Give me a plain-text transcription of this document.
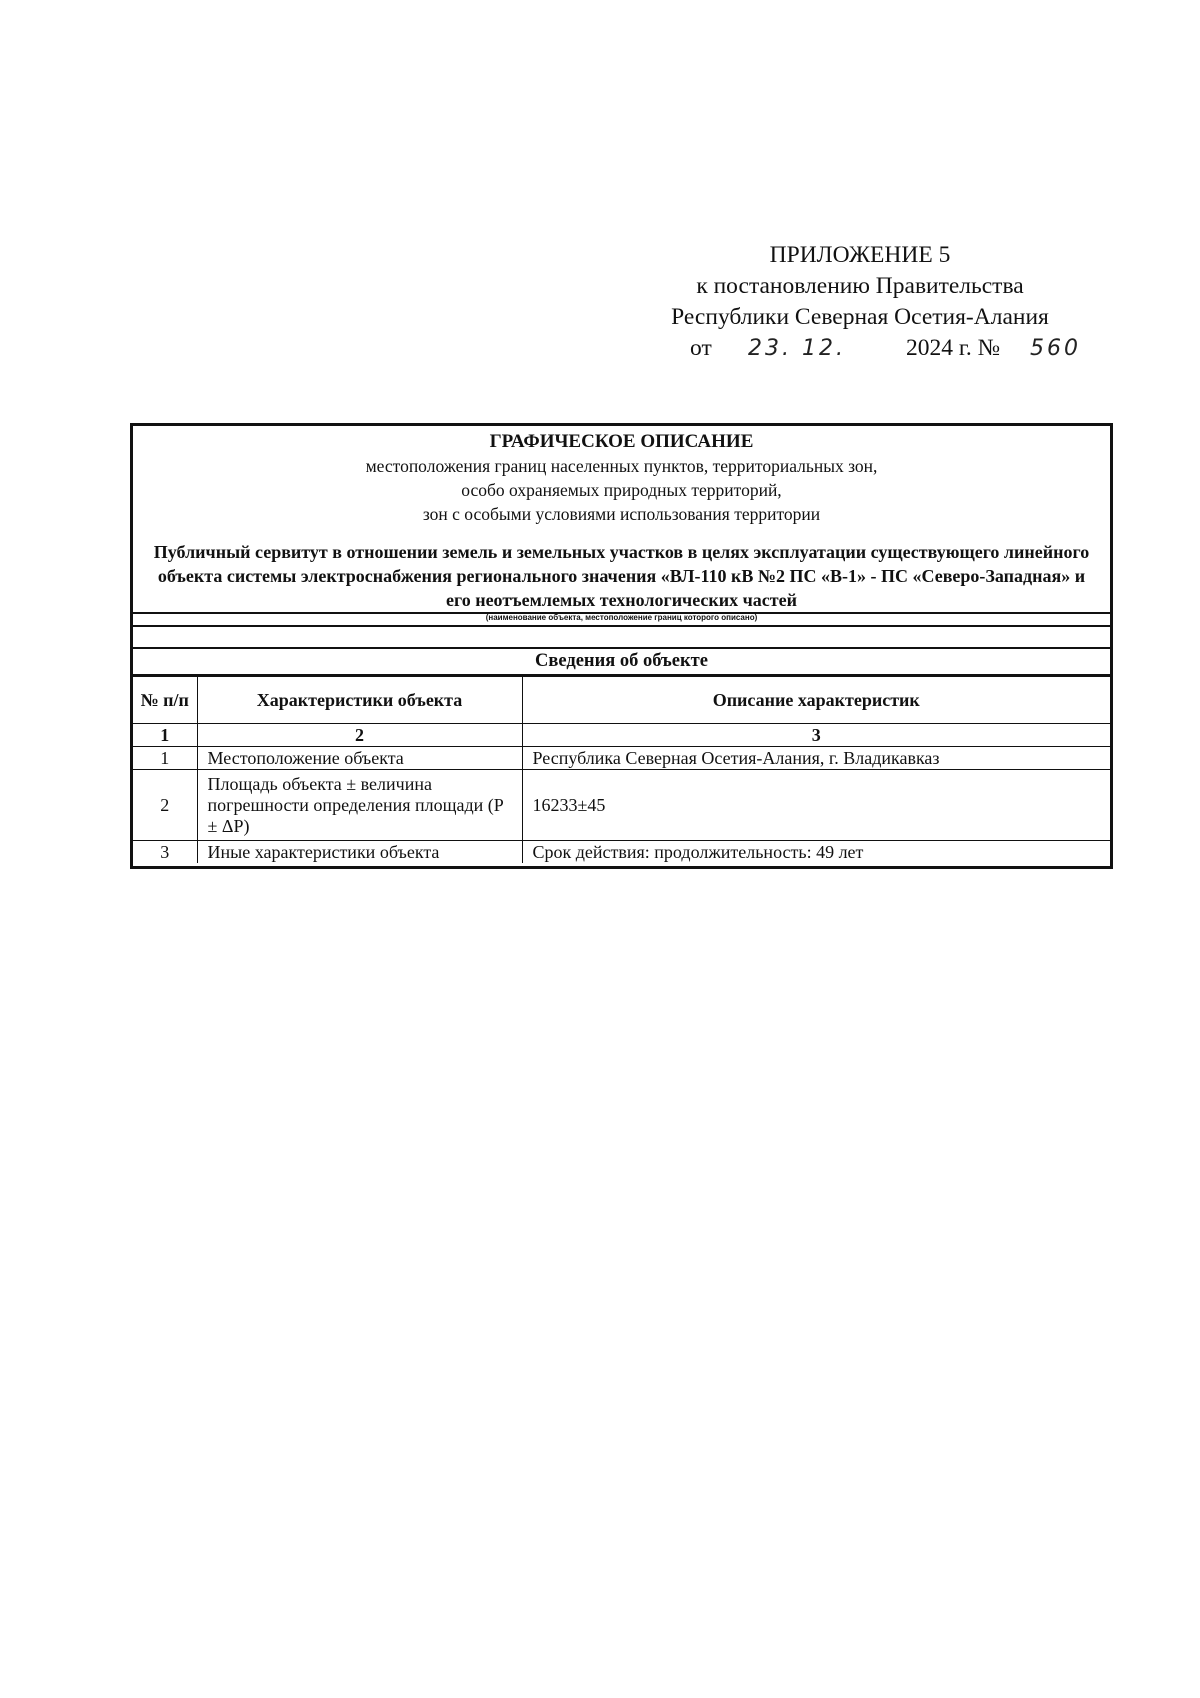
ПРИЛОЖЕНИЕ 5
к постановлению Правительства
Республики Северная Осетия-Алания
от 23. 12.	2024 г. № 560
ГРАФИЧЕСКОЕ ОПИСАНИЕ
местоположения границ населенных пунктов, территориальных зон,
особо охраняемых природных территорий,
зон с особыми условиями использования территории
Публичный сервитут в отношении земель и земельных участков в целях эксплуатации существующего линейного объекта системы электроснабжения регионального значения «ВЛ-110 кВ №2 ПС «В-1» - ПС «Северо-Западная» и его неотъемлемых технологических частей
(наименование объекта, местоположение границ которого описано)
Сведения об объекте
№ п/п	Характеристики объекта	Описание характеристик
1	2	3
1	Местоположение объекта	Республика Северная Осетия-Алания, г. Владикавказ
2	Площадь объекта ± величина погрешности определения площади (P ± ΔP)	16233±45
3	Иные характеристики объекта	Срок действия: продолжительность: 49 лет
